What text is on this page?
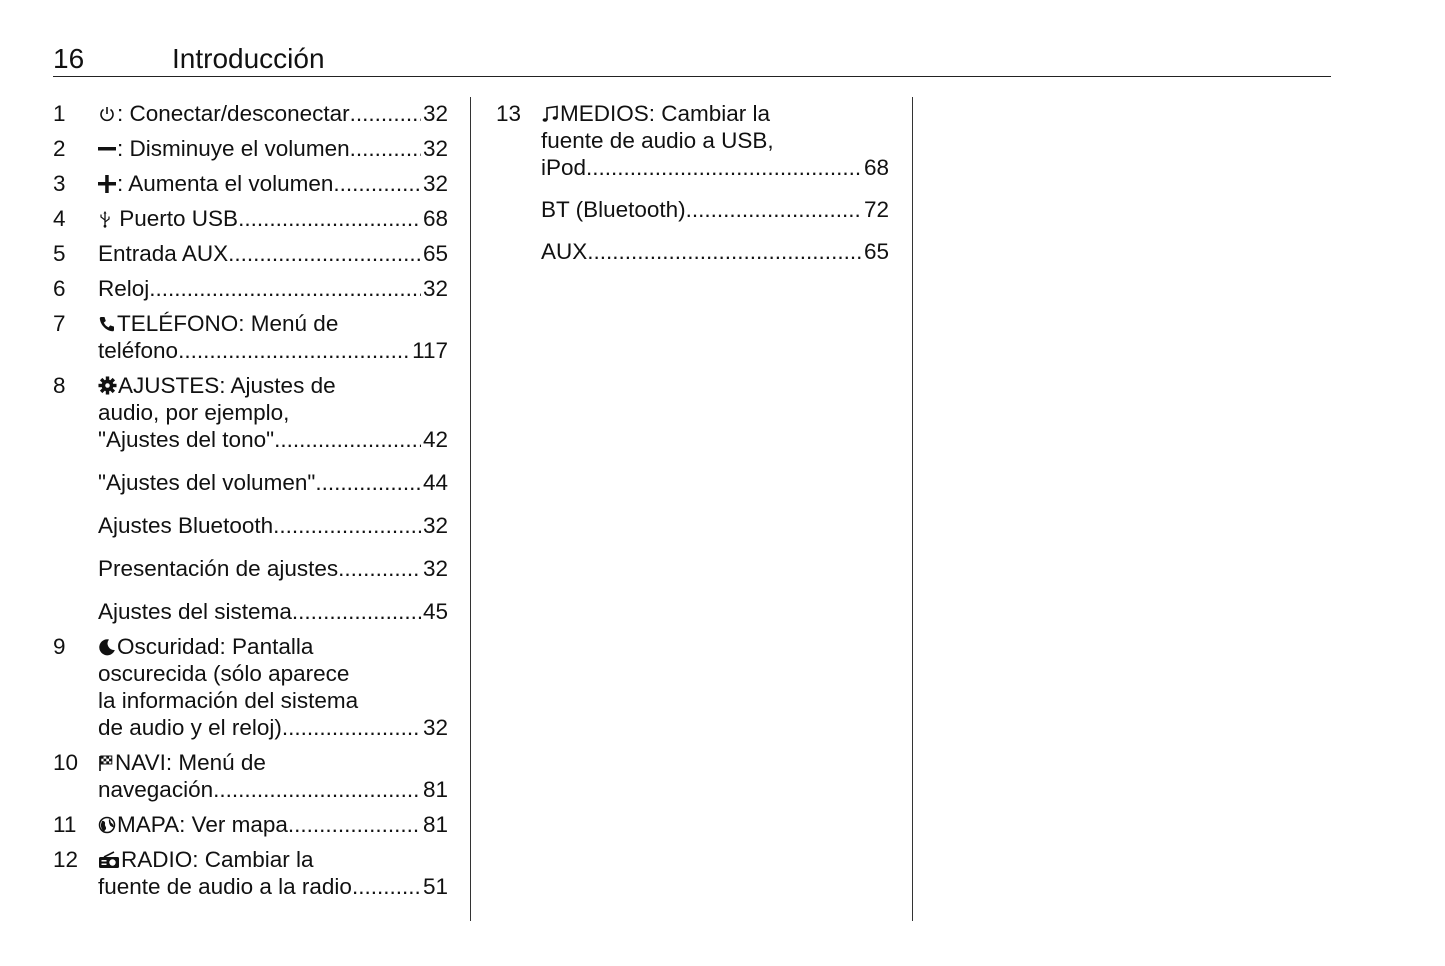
16	Introducción
1	: Conectar/desconectar .....	32
2	: Disminuye el volumen .....	32
3	: Aumenta el volumen .....	32
4	Puerto USB .....	68
5	Entrada AUX .....	65
6	Reloj .....	32
7	TELÉFONO: Menú de
teléfono .....	117
8	AJUSTES: Ajustes de
audio, por ejemplo,
"Ajustes del tono" .....	42
"Ajustes del volumen" .....	44
Ajustes Bluetooth .....	32
Presentación de ajustes .....	32
Ajustes del sistema .....	45
9	Oscuridad: Pantalla
oscurecida (sólo aparece
la información del sistema
de audio y el reloj) .....	32
10	NAVI: Menú de
navegación .....	81
11	MAPA: Ver mapa .....	81
12	RADIO: Cambiar la
fuente de audio a la radio .....	51
13	MEDIOS: Cambiar la
fuente de audio a USB,
iPod .....	68
BT (Bluetooth) .....	72
AUX .....	65
